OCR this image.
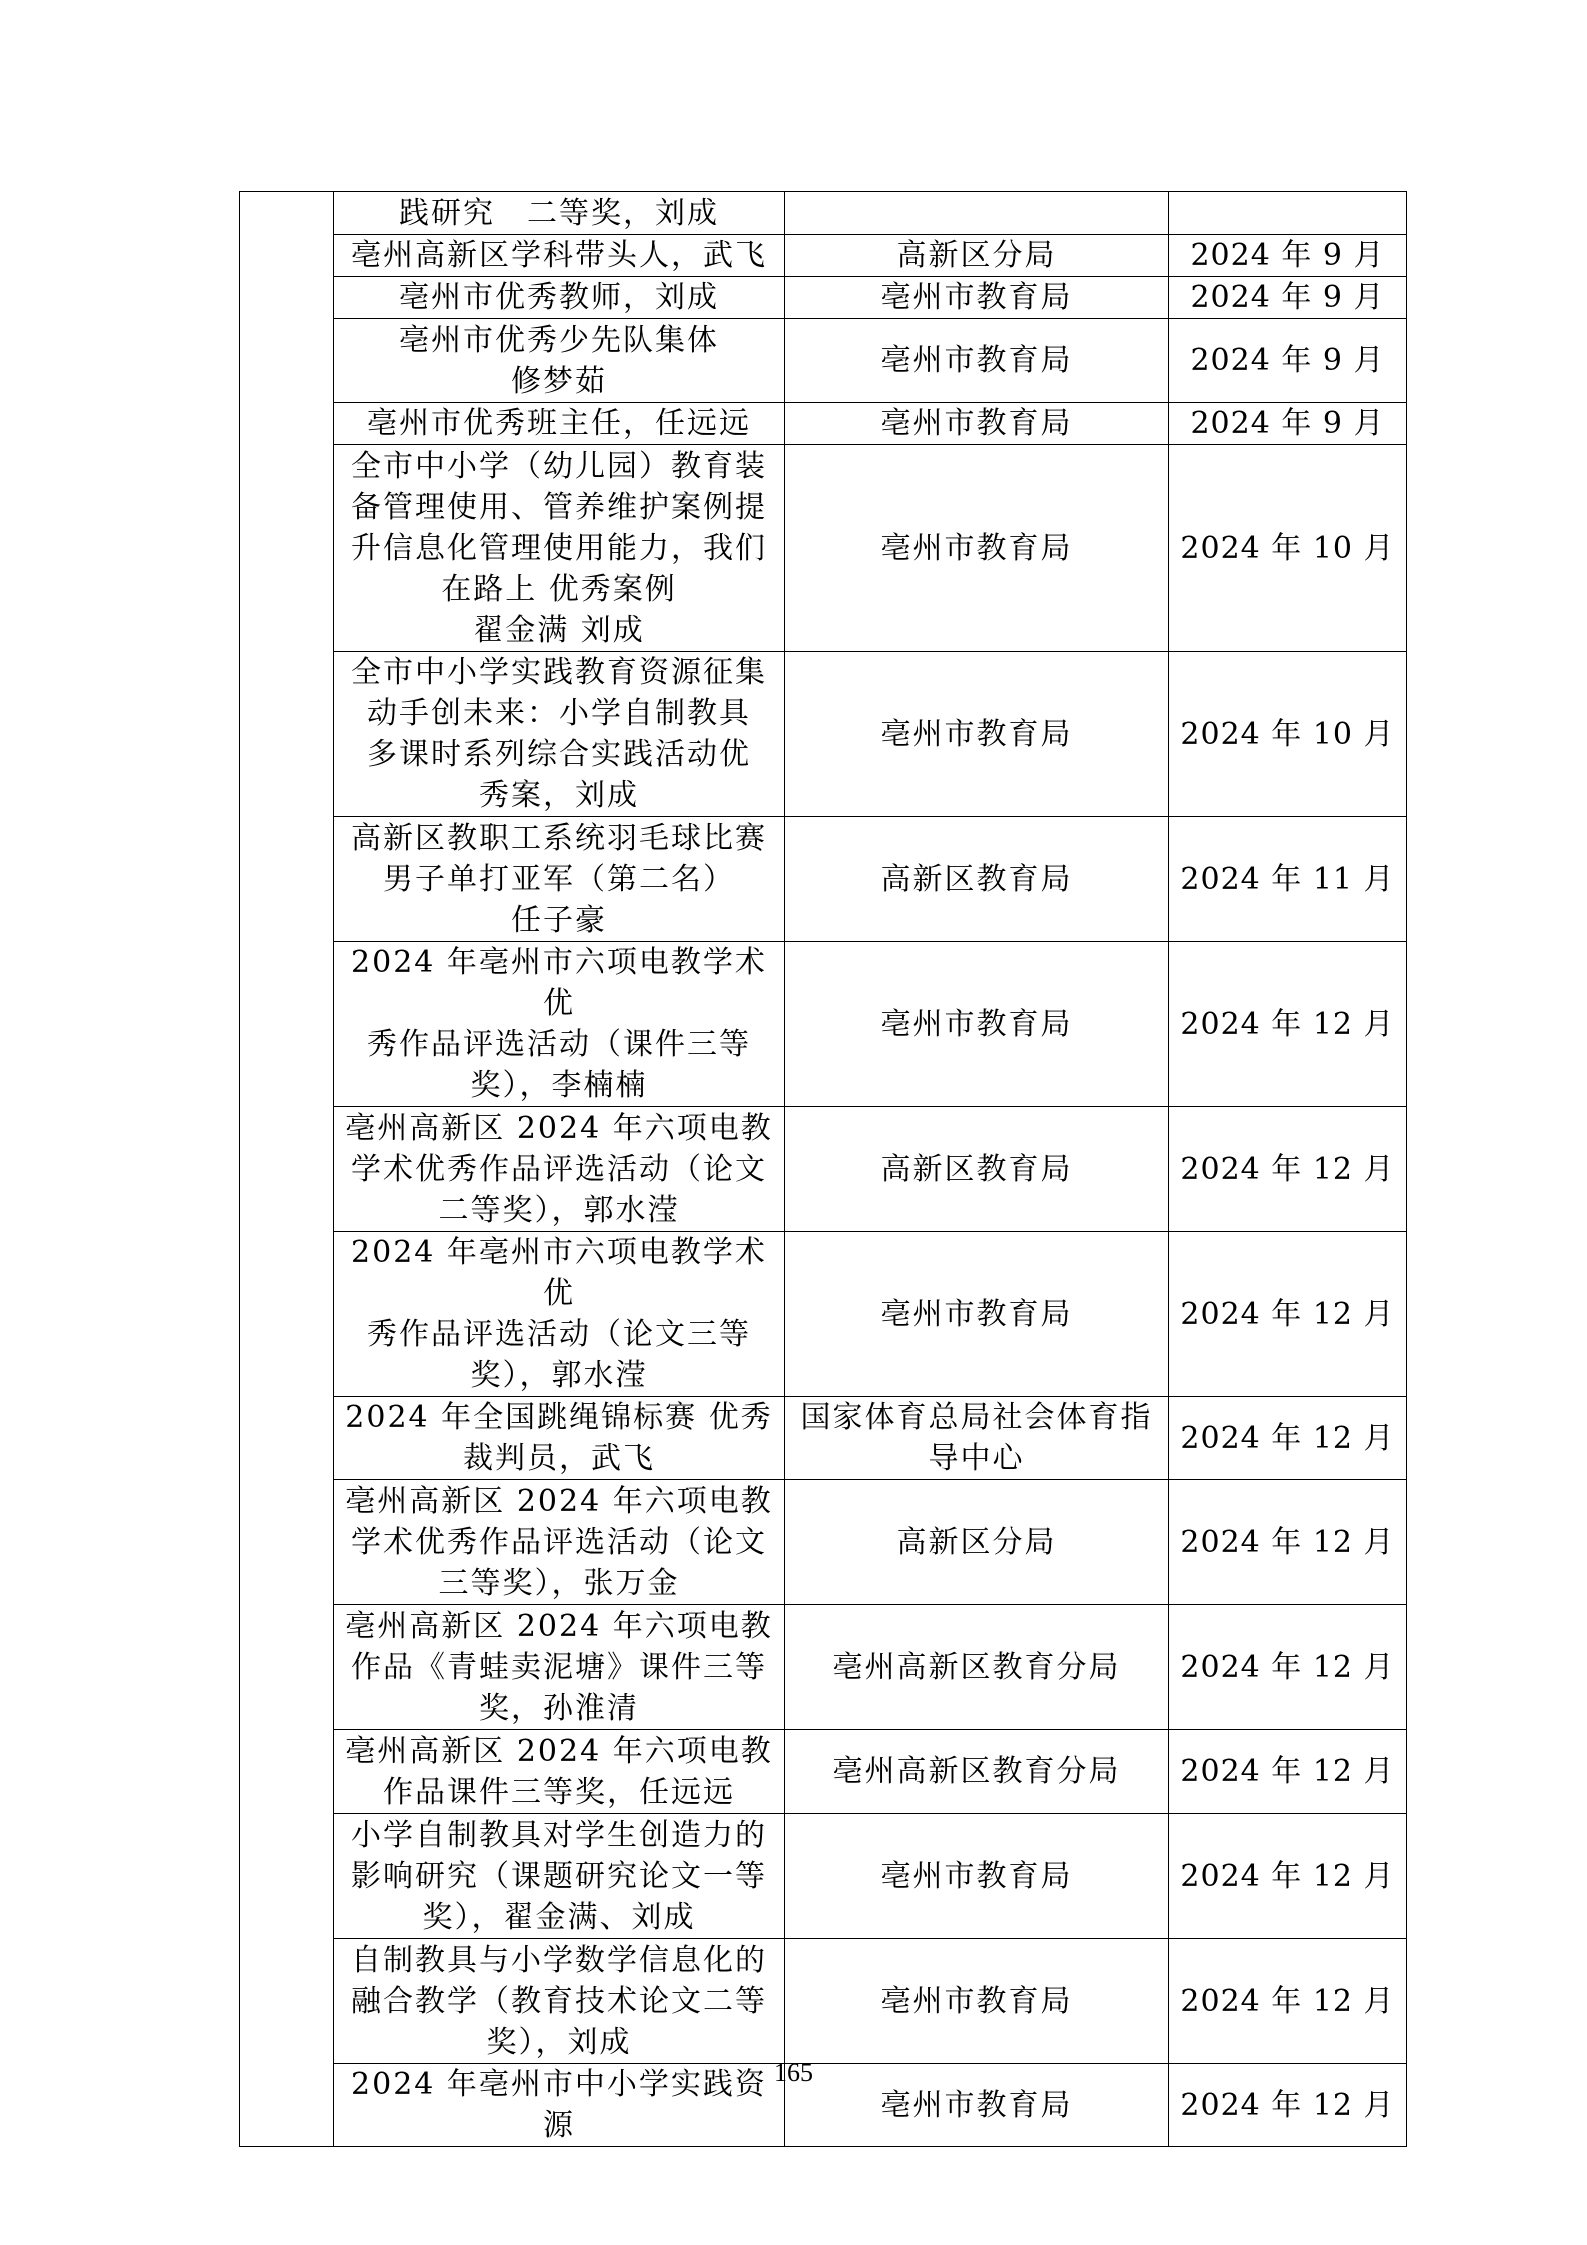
	践研究　二等奖，刘成		
	亳州高新区学科带头人，武飞	高新区分局	2024 年 9 月
	亳州市优秀教师，刘成	亳州市教育局	2024 年 9 月
	亳州市优秀少先队集体
修梦茹	亳州市教育局	2024 年 9 月
	亳州市优秀班主任，任远远	亳州市教育局	2024 年 9 月
	全市中小学（幼儿园）教育装
备管理使用、管养维护案例提
升信息化管理使用能力，我们
在路上 优秀案例
翟金满 刘成	亳州市教育局	2024 年 10 月
	全市中小学实践教育资源征集
动手创未来：小学自制教具
多课时系列综合实践活动优
秀案，刘成	亳州市教育局	2024 年 10 月
	高新区教职工系统羽毛球比赛
男子单打亚军（第二名）
任子豪	高新区教育局	2024 年 11 月
	2024 年亳州市六项电教学术优
秀作品评选活动（课件三等
奖），李楠楠	亳州市教育局	2024 年 12 月
	亳州高新区 2024 年六项电教
学术优秀作品评选活动（论文
二等奖），郭水滢	高新区教育局	2024 年 12 月
	2024 年亳州市六项电教学术优
秀作品评选活动（论文三等
奖），郭水滢	亳州市教育局	2024 年 12 月
	2024 年全国跳绳锦标赛 优秀
裁判员，武飞	国家体育总局社会体育指
导中心	2024 年 12 月
	亳州高新区 2024 年六项电教
学术优秀作品评选活动（论文
三等奖），张万金	高新区分局	2024 年 12 月
	亳州高新区 2024 年六项电教
作品《青蛙卖泥塘》课件三等
奖，孙淮清	亳州高新区教育分局	2024 年 12 月
	亳州高新区 2024 年六项电教
作品课件三等奖，任远远	亳州高新区教育分局	2024 年 12 月
	小学自制教具对学生创造力的
影响研究（课题研究论文一等
奖），翟金满、刘成	亳州市教育局	2024 年 12 月
	自制教具与小学数学信息化的
融合教学（教育技术论文二等
奖），刘成	亳州市教育局	2024 年 12 月
	2024 年亳州市中小学实践资源	亳州市教育局	2024 年 12 月
165
